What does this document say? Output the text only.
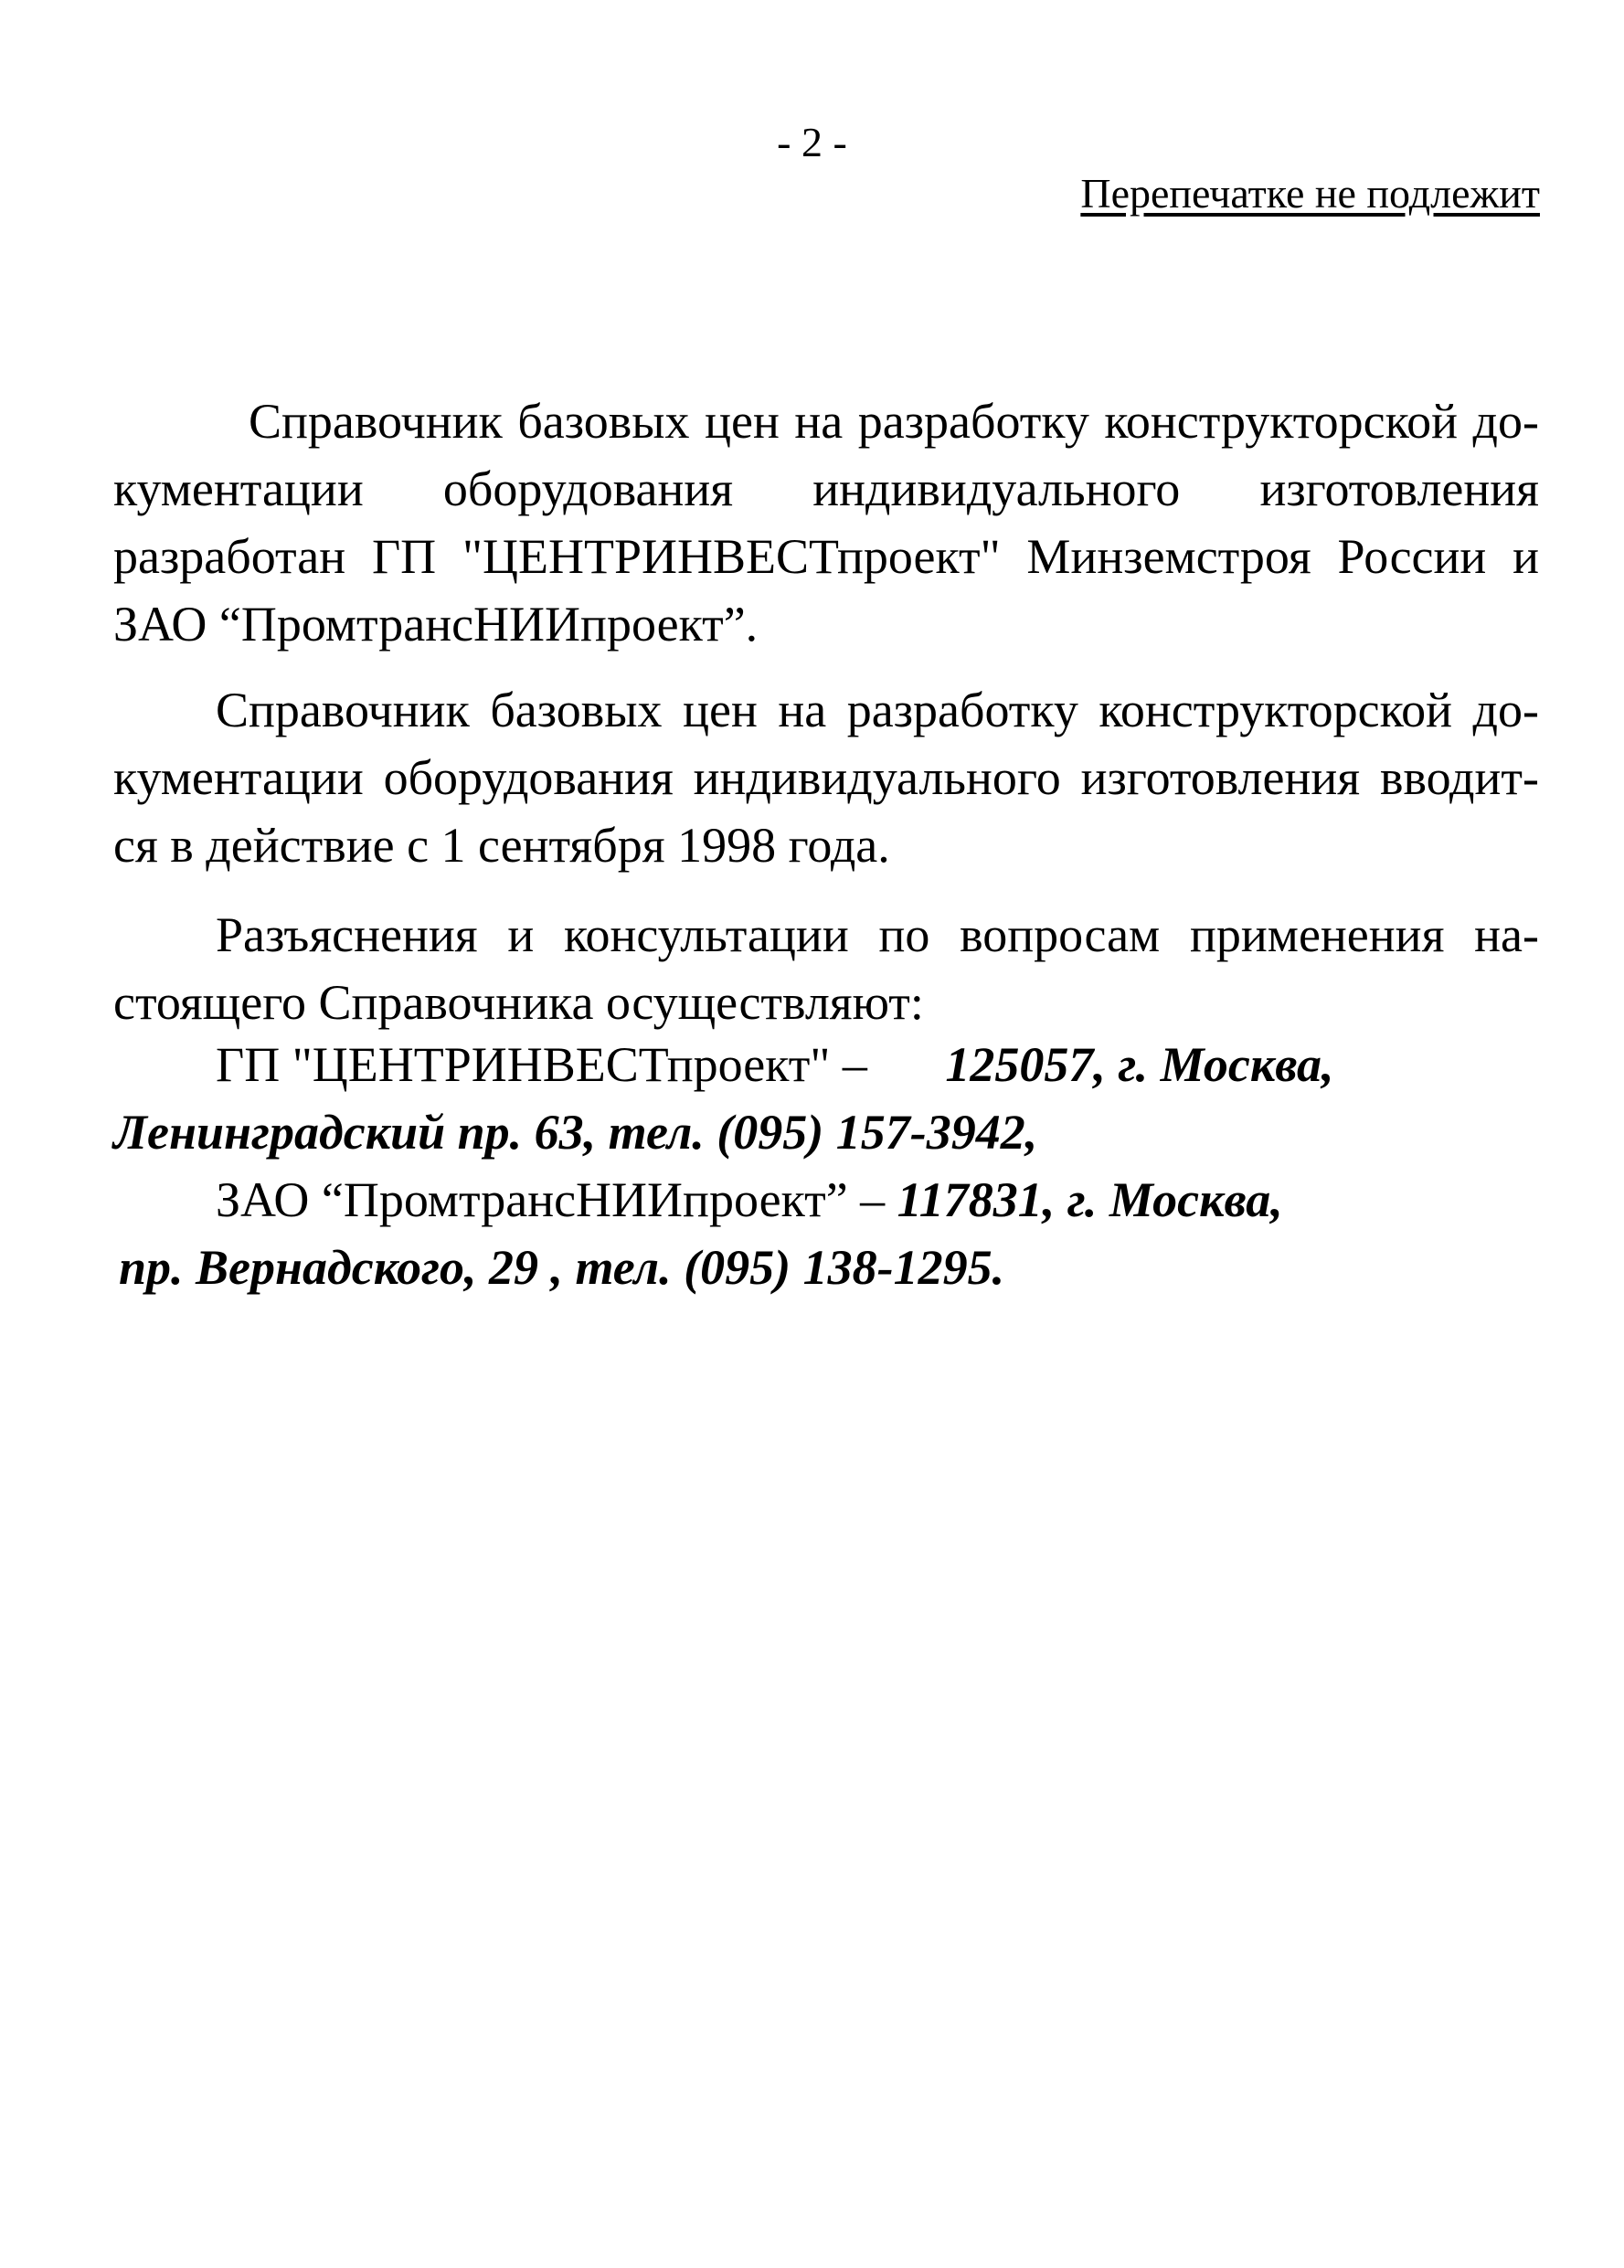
- 2 -
Перепечатке не подлежит
Справочник базовых цен на разработку конструкторской до-
кументации оборудования индивидуального изготовления
разработан ГП "ЦЕНТРИНВЕСТпроект" Минземстроя России и
ЗАО “ПромтрансНИИпроект”.
Справочник базовых цен на разработку конструкторской до-
кументации оборудования индивидуального изготовления вводит-
ся в действие с 1 сентября 1998 года.
Разъяснения и консультации по вопросам применения на-
стоящего Справочника осуществляют:
ГП "ЦЕНТРИНВЕСТпроект" – 125057, г. Москва,
Ленинградский пр. 63, тел. (095) 157-3942,
ЗАО “ПромтрансНИИпроект” – 117831, г. Москва,
пр. Вернадского, 29 , тел. (095) 138-1295.
